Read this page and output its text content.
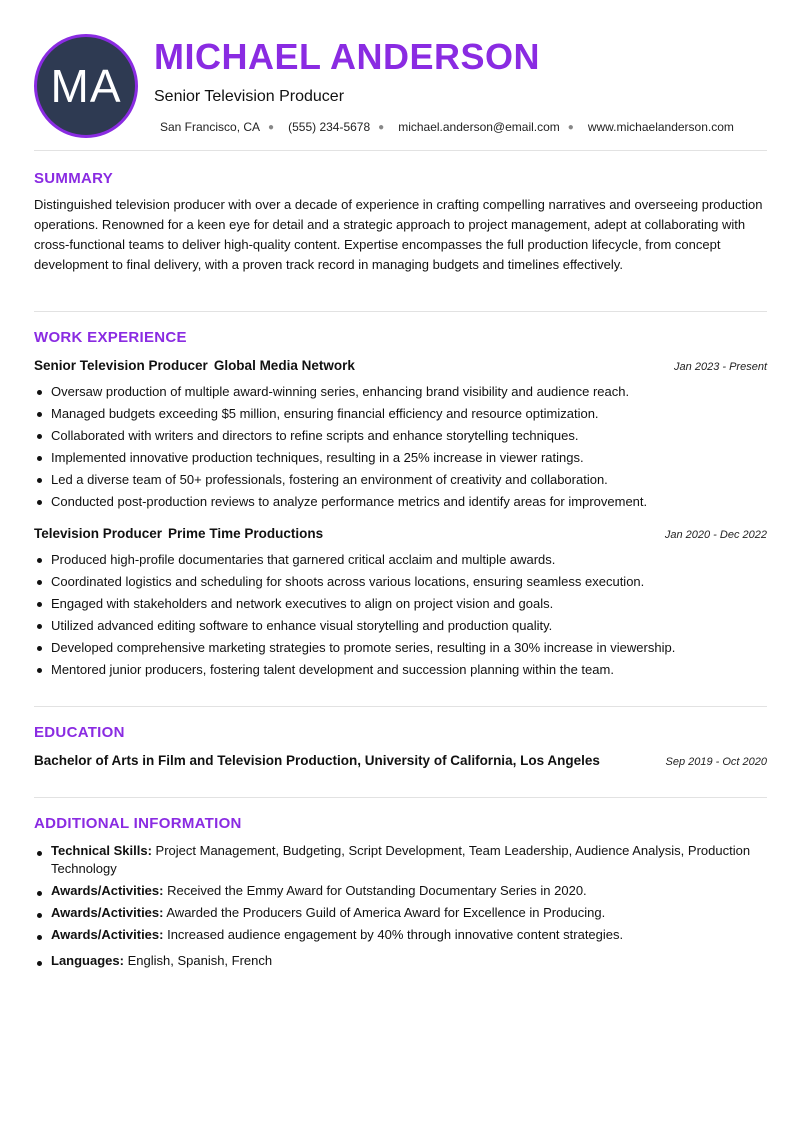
MA
MICHAEL ANDERSON

Senior Television Producer

San Francisco, CA ● (555) 234-5678 ● michael.anderson@email.com ● www.michaelanderson.com
SUMMARY

Distinguished television producer with over a decade of experience in crafting compelling narratives and overseeing production operations. Renowned for a keen eye for detail and a strategic approach to project management, adept at collaborating with cross-functional teams to deliver high-quality content. Expertise encompasses the full production lifecycle, from concept development to final delivery, with a proven track record in managing budgets and timelines effectively.

WORK EXPERIENCE
Senior Television Producer Global Media Network	Jan 2023 - Present
Oversaw production of multiple award-winning series, enhancing brand visibility and audience reach.
Managed budgets exceeding $5 million, ensuring financial efficiency and resource optimization.
Collaborated with writers and directors to refine scripts and enhance storytelling techniques.
Implemented innovative production techniques, resulting in a 25% increase in viewer ratings.
Led a diverse team of 50+ professionals, fostering an environment of creativity and collaboration.
Conducted post-production reviews to analyze performance metrics and identify areas for improvement.
Television Producer Prime Time Productions	Jan 2020 - Dec 2022
Produced high-profile documentaries that garnered critical acclaim and multiple awards.
Coordinated logistics and scheduling for shoots across various locations, ensuring seamless execution.
Engaged with stakeholders and network executives to align on project vision and goals.
Utilized advanced editing software to enhance visual storytelling and production quality.
Developed comprehensive marketing strategies to promote series, resulting in a 30% increase in viewership.
Mentored junior producers, fostering talent development and succession planning within the team.
EDUCATION
Bachelor of Arts in Film and Television Production, University of California, Los Angeles	Sep 2019 - Oct 2020
ADDITIONAL INFORMATION
Technical Skills: Project Management, Budgeting, Script Development, Team Leadership, Audience Analysis, Production Technology
Awards/Activities: Received the Emmy Award for Outstanding Documentary Series in 2020.
Awards/Activities: Awarded the Producers Guild of America Award for Excellence in Producing.
Awards/Activities: Increased audience engagement by 40% through innovative content strategies.
Languages: English, Spanish, French
